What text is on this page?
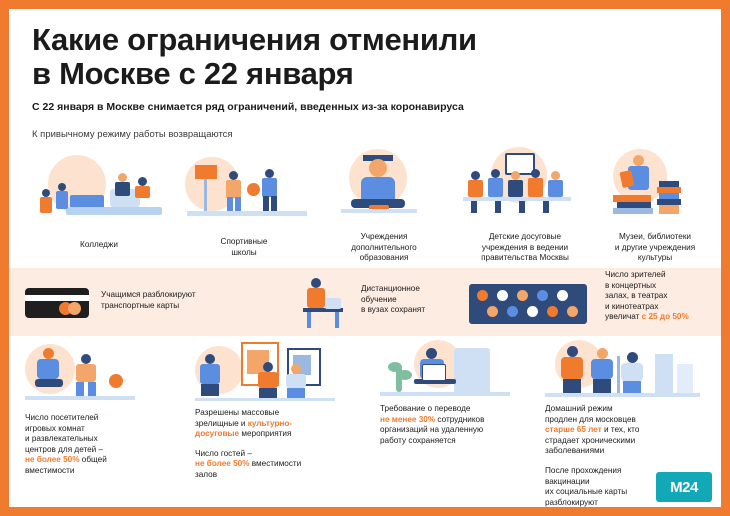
Какие ограничения отменили
в Москве с 22 января
С 22 января в Москве снимается ряд ограничений, введенных из-за коронавируса
К привычному режиму работы возвращаются
Колледжи	Спортивные
школы
Учреждения
дополнительного
образования
Детские досуговые
учреждения в ведении
правительства Москвы
Музеи, библиотеки
и другие учреждения
культуры
Учащимся разблокируют
транспортные карты
Дистанционное
обучение
в вузах сохранят
Число зрителей
в концертных
залах, в театрах
и кинотеатрах
увеличат с 25 до 50%
Число посетителей
игровых комнат
и развлекательных
центров для детей –
не более 50% общей
вместимости
Разрешены массовые
зрелищные и культурно-
досуговые мероприятия
Число гостей –
не более 50% вместимости
залов
Требование о переводе
не менее 30% сотрудников
организаций на удаленную
работу сохраняется
Домашний режим
продлен для московцев
старше 65 лет и тех, кто
страдает хроническими
заболеваниями
После прохождения
вакцинации
их социальные карты
разблокируют
M24
